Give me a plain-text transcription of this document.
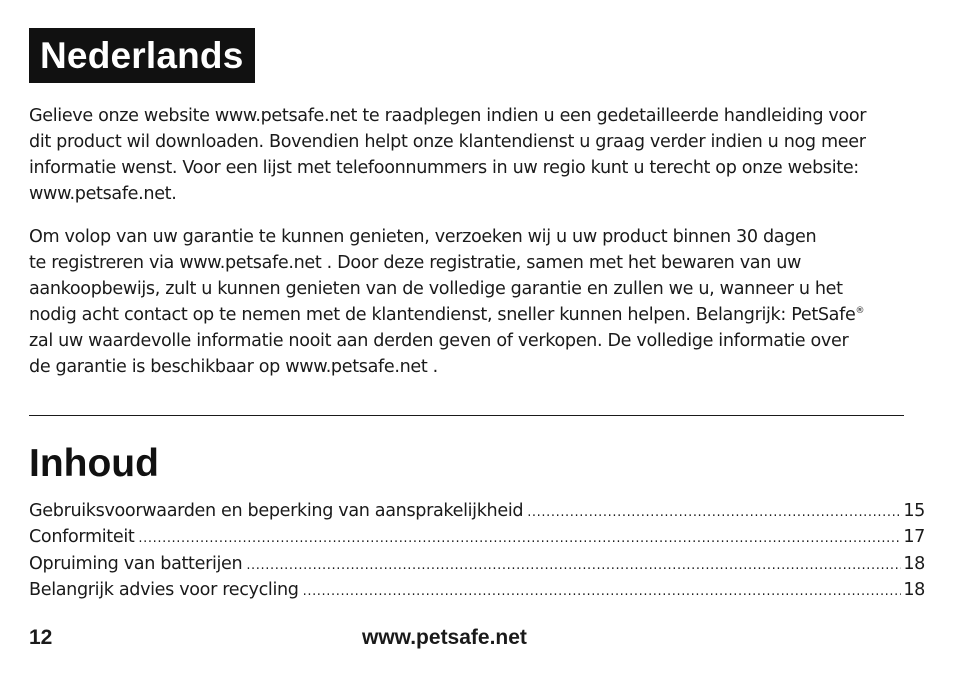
Nederlands
Gelieve onze website www.petsafe.net te raadplegen indien u een gedetailleerde handleiding voor
dit product wil downloaden. Bovendien helpt onze klantendienst u graag verder indien u nog meer
informatie wenst. Voor een lijst met telefoonnummers in uw regio kunt u terecht op onze website:
www.petsafe.net.
Om volop van uw garantie te kunnen genieten, verzoeken wij u uw product binnen 30 dagen
te registreren via www.petsafe.net . Door deze registratie, samen met het bewaren van uw
aankoopbewijs, zult u kunnen genieten van de volledige garantie en zullen we u, wanneer u het
nodig acht contact op te nemen met de klantendienst, sneller kunnen helpen. Belangrijk: PetSafe®
zal uw waardevolle informatie nooit aan derden geven of verkopen. De volledige informatie over
de garantie is beschikbaar op www.petsafe.net .
Inhoud
Gebruiksvoorwaarden en beperking van aansprakelijkheid .....	15
Conformiteit .....	17
Opruiming van batterijen .....	18
Belangrijk advies voor recycling .....	18
12	www.petsafe.net
